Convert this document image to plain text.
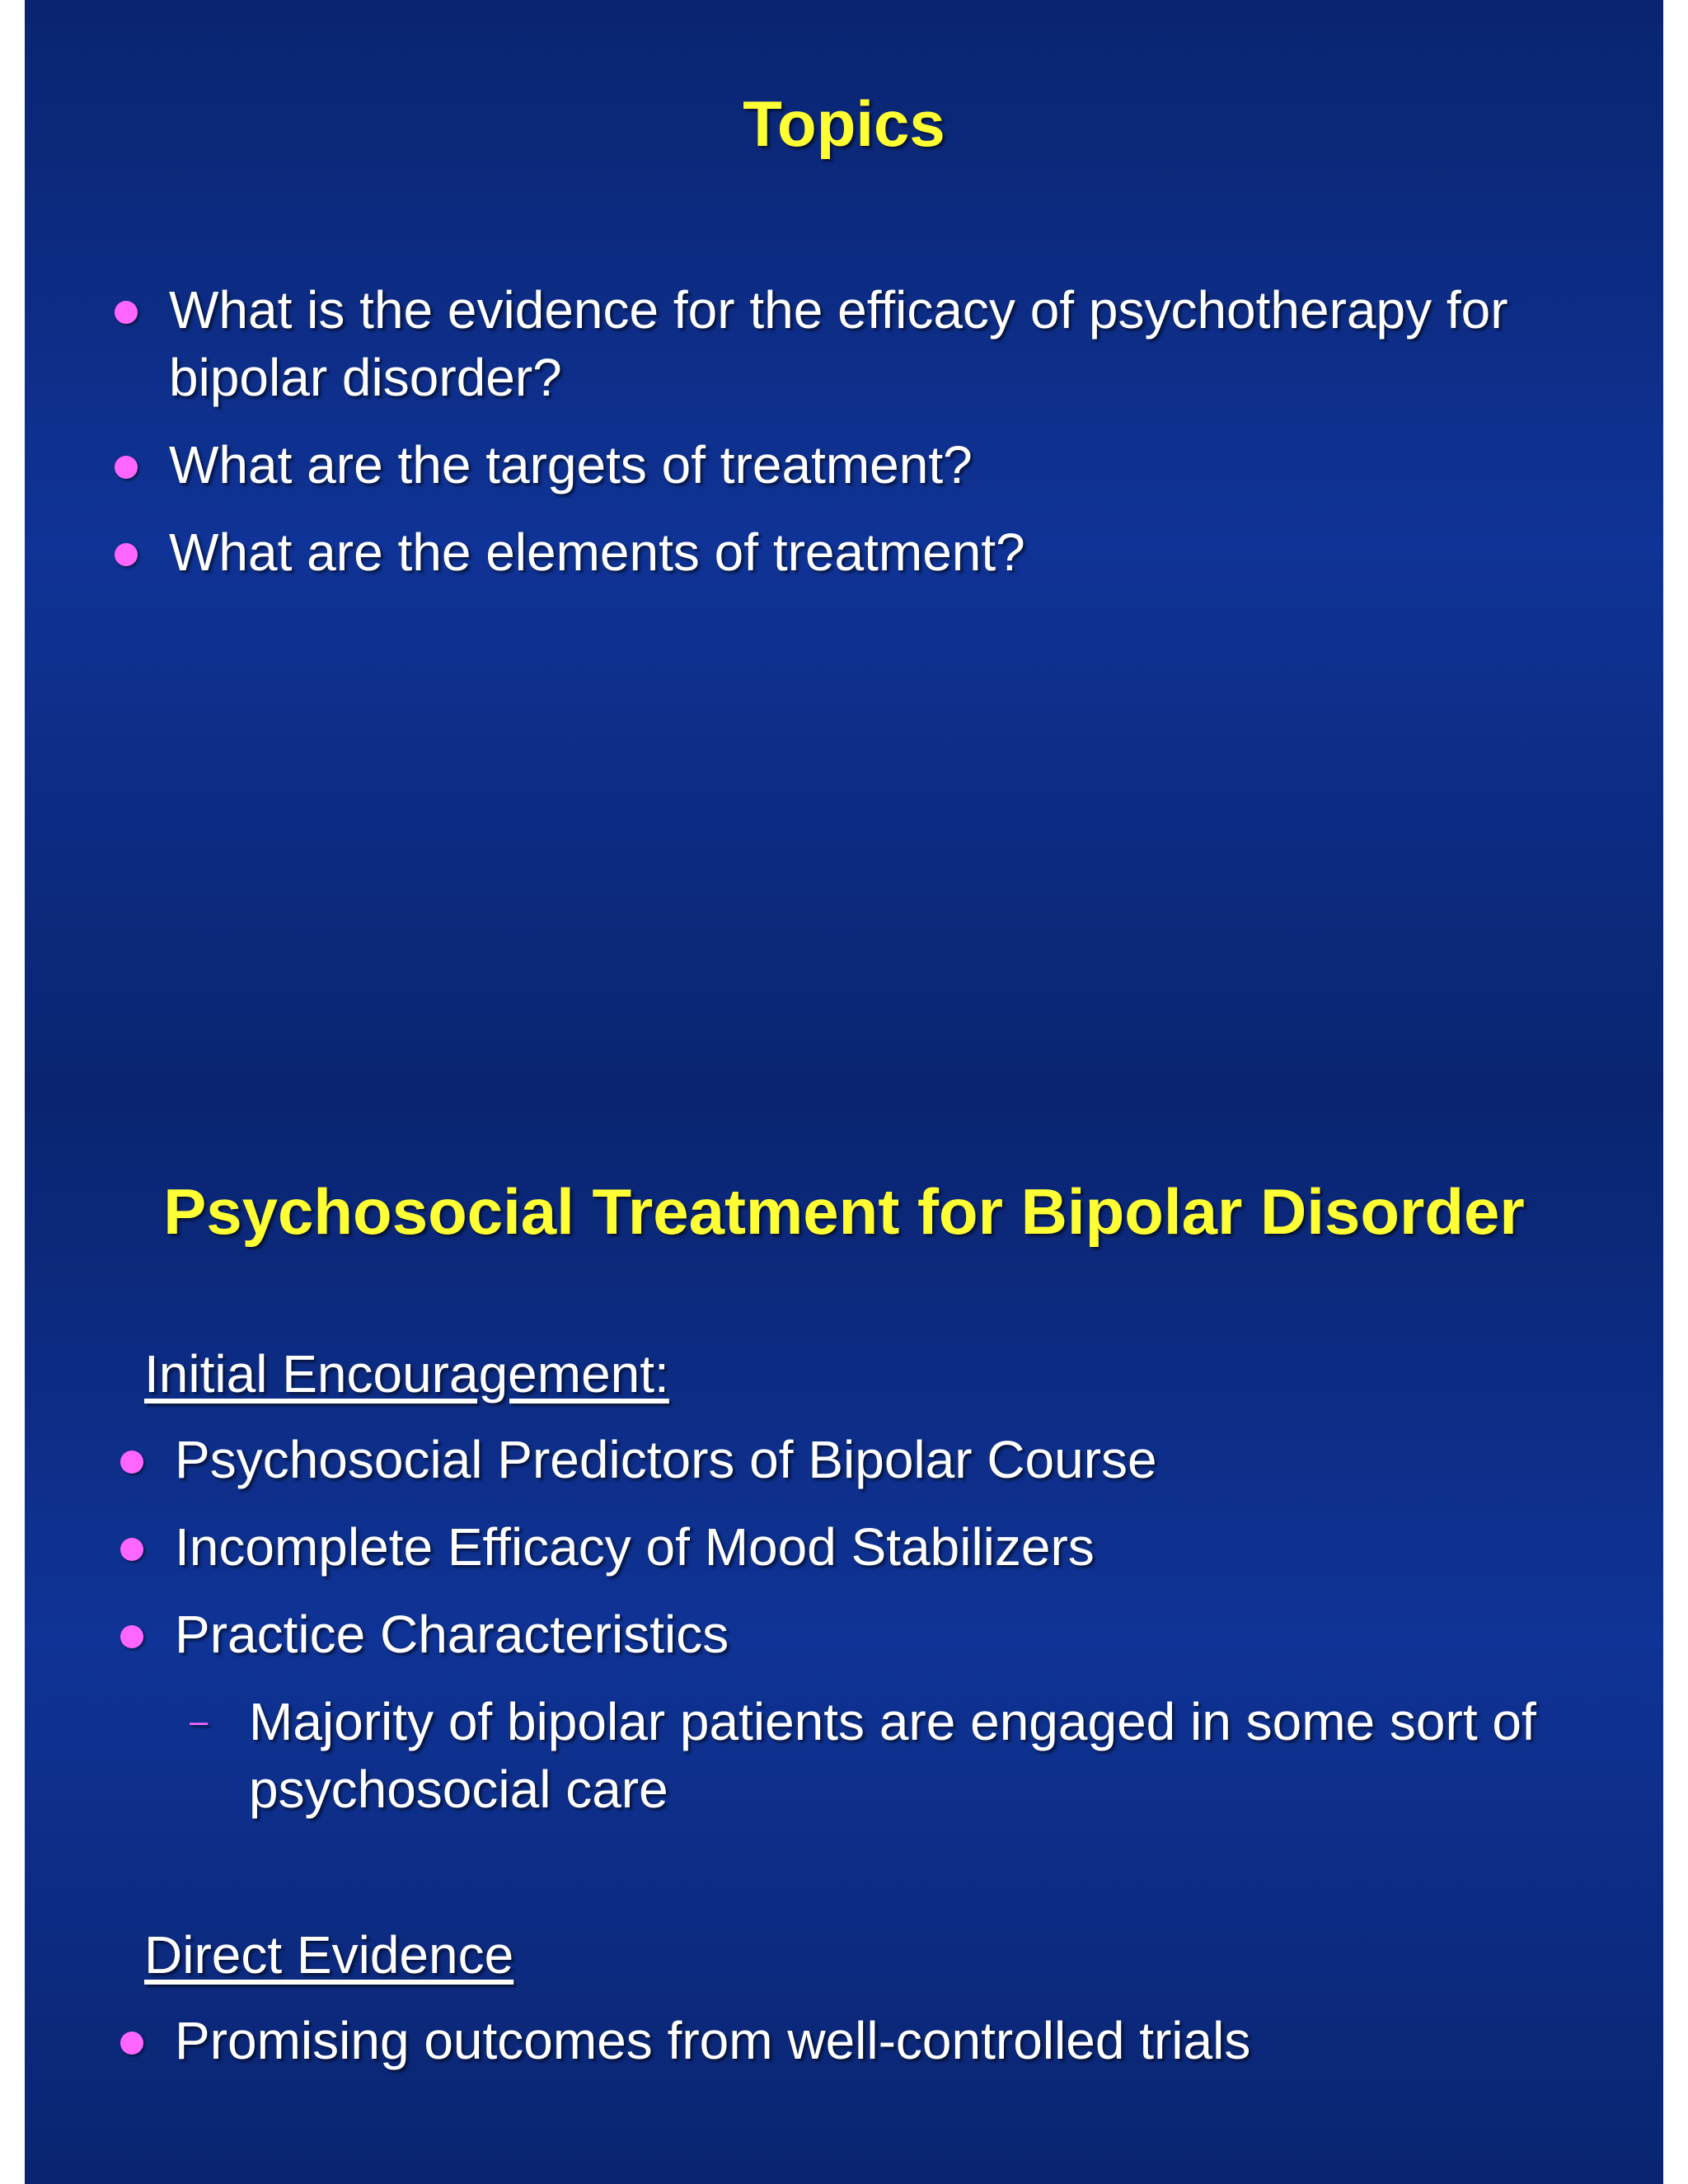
Topics
What is the evidence for the efficacy of psychotherapy for bipolar disorder?
What are the targets of treatment?
What are the elements of treatment?
Psychosocial Treatment for Bipolar Disorder

Initial Encouragement:

Psychosocial Predictors of Bipolar Course
Incomplete Efficacy of Mood Stabilizers
Practice Characteristics
– Majority of bipolar patients are engaged in some sort of psychosocial care

Direct Evidence

Promising outcomes from well-controlled trials
